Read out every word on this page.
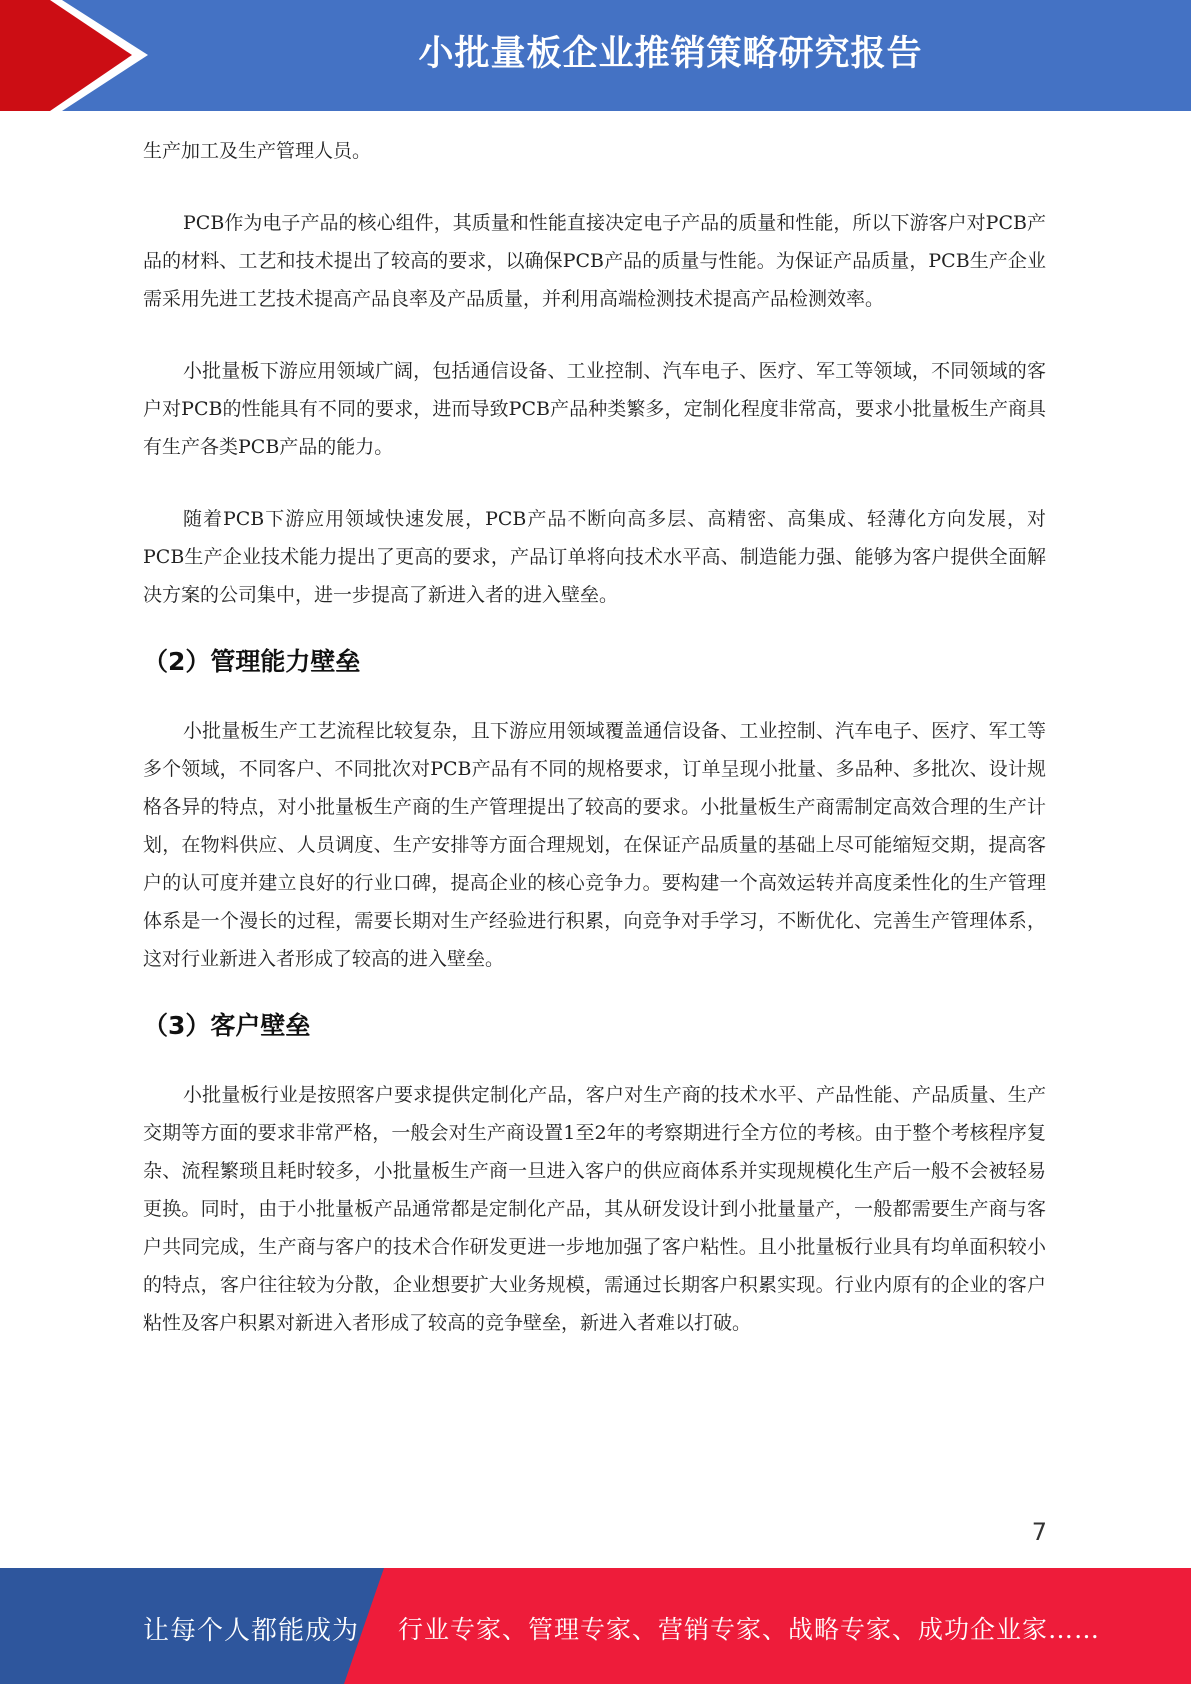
小批量板企业推销策略研究报告

生产加工及生产管理人员。

PCB作为电子产品的核心组件，其质量和性能直接决定电子产品的质量和性能，所以下游客户对PCB产品的材料、工艺和技术提出了较高的要求，以确保PCB产品的质量与性能。为保证产品质量，PCB生产企业需采用先进工艺技术提高产品良率及产品质量，并利用高端检测技术提高产品检测效率。

小批量板下游应用领域广阔，包括通信设备、工业控制、汽车电子、医疗、军工等领域，不同领域的客户对PCB的性能具有不同的要求，进而导致PCB产品种类繁多，定制化程度非常高，要求小批量板生产商具有生产各类PCB产品的能力。

随着PCB下游应用领域快速发展，PCB产品不断向高多层、高精密、高集成、轻薄化方向发展，对PCB生产企业技术能力提出了更高的要求，产品订单将向技术水平高、制造能力强、能够为客户提供全面解决方案的公司集中，进一步提高了新进入者的进入壁垒。

（2）管理能力壁垒

小批量板生产工艺流程比较复杂，且下游应用领域覆盖通信设备、工业控制、汽车电子、医疗、军工等多个领域，不同客户、不同批次对PCB产品有不同的规格要求，订单呈现小批量、多品种、多批次、设计规格各异的特点，对小批量板生产商的生产管理提出了较高的要求。小批量板生产商需制定高效合理的生产计划，在物料供应、人员调度、生产安排等方面合理规划，在保证产品质量的基础上尽可能缩短交期，提高客户的认可度并建立良好的行业口碑，提高企业的核心竞争力。要构建一个高效运转并高度柔性化的生产管理体系是一个漫长的过程，需要长期对生产经验进行积累，向竞争对手学习，不断优化、完善生产管理体系，这对行业新进入者形成了较高的进入壁垒。

（3）客户壁垒

小批量板行业是按照客户要求提供定制化产品，客户对生产商的技术水平、产品性能、产品质量、生产交期等方面的要求非常严格，一般会对生产商设置1至2年的考察期进行全方位的考核。由于整个考核程序复杂、流程繁琐且耗时较多，小批量板生产商一旦进入客户的供应商体系并实现规模化生产后一般不会被轻易更换。同时，由于小批量板产品通常都是定制化产品，其从研发设计到小批量量产，一般都需要生产商与客户共同完成，生产商与客户的技术合作研发更进一步地加强了客户粘性。且小批量板行业具有均单面积较小的特点，客户往往较为分散，企业想要扩大业务规模，需通过长期客户积累实现。行业内原有的企业的客户粘性及客户积累对新进入者形成了较高的竞争壁垒，新进入者难以打破。

7
让每个人都能成为 行业专家、管理专家、营销专家、战略专家、成功企业家……
